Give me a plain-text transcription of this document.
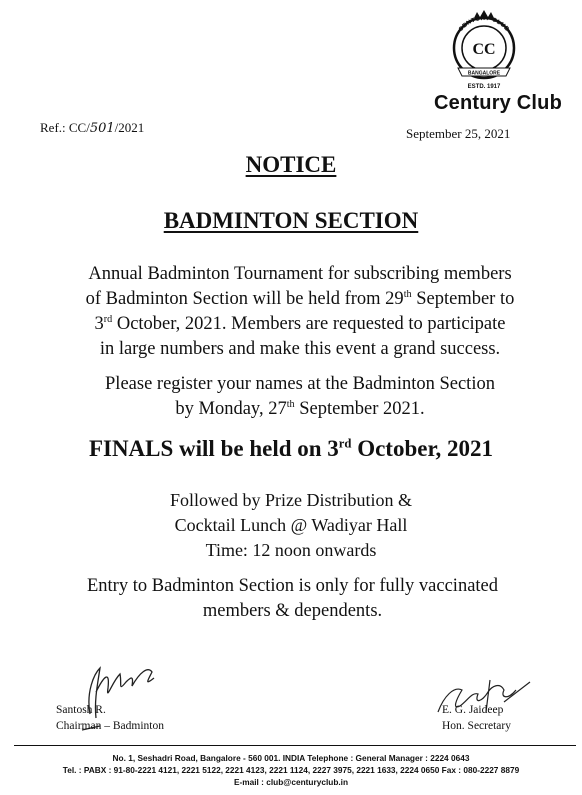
CENTURY CLUB
CC
BANGALORE
ESTD. 1917
Century Club
Ref.: CC/501/2021	September 25, 2021
NOTICE
BADMINTON SECTION
Annual Badminton Tournament for subscribing members
of Badminton Section will be held from 29th September to
3rd October, 2021. Members are requested to participate
in large numbers and make this event a grand success.
Please register your names at the Badminton Section
by Monday, 27th September 2021.
FINALS will be held on 3rd October, 2021
Followed by Prize Distribution &
Cocktail Lunch @ Wadiyar Hall
Time: 12 noon onwards
Entry to Badminton Section is only for fully vaccinated
members & dependents.
Santosh R.
Chairman – Badminton
E. G. Jaideep
Hon. Secretary
No. 1, Seshadri Road, Bangalore - 560 001. INDIA Telephone : General Manager : 2224 0643
Tel. : PABX : 91-80-2221 4121, 2221 5122, 2221 4123, 2221 1124, 2227 3975, 2221 1633, 2224 0650 Fax : 080-2227 8879
E-mail : club@centuryclub.in
